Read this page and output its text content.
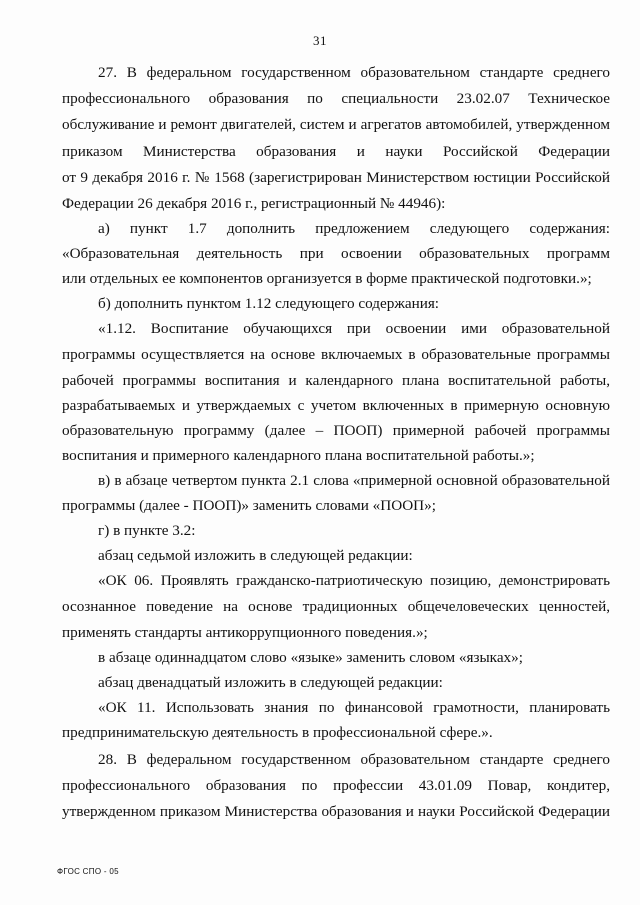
31
27. В федеральном государственном образовательном стандарте среднего
профессионального образования по специальности 23.02.07 Техническое
обслуживание и ремонт двигателей, систем и агрегатов автомобилей, утвержденном
приказом Министерства образования и науки Российской Федерации
от 9 декабря 2016 г. № 1568 (зарегистрирован Министерством юстиции Российской
Федерации 26 декабря 2016 г., регистрационный № 44946):
а) пункт 1.7 дополнить предложением следующего содержания:
«Образовательная деятельность при освоении образовательных программ
или отдельных ее компонентов организуется в форме практической подготовки.»;
б) дополнить пунктом 1.12 следующего содержания:
«1.12. Воспитание обучающихся при освоении ими образовательной
программы осуществляется на основе включаемых в образовательные программы
рабочей программы воспитания и календарного плана воспитательной работы,
разрабатываемых и утверждаемых с учетом включенных в примерную основную
образовательную программу (далее – ПООП) примерной рабочей программы
воспитания и примерного календарного плана воспитательной работы.»;
в) в абзаце четвертом пункта 2.1 слова «примерной основной образовательной
программы (далее - ПООП)» заменить словами «ПООП»;
г) в пункте 3.2:
абзац седьмой изложить в следующей редакции:
«ОК 06. Проявлять гражданско-патриотическую позицию, демонстрировать
осознанное поведение на основе традиционных общечеловеческих ценностей,
применять стандарты антикоррупционного поведения.»;
в абзаце одиннадцатом слово «языке» заменить словом «языках»;
абзац двенадцатый изложить в следующей редакции:
«ОК 11. Использовать знания по финансовой грамотности, планировать
предпринимательскую деятельность в профессиональной сфере.».
28. В федеральном государственном образовательном стандарте среднего
профессионального образования по профессии 43.01.09 Повар, кондитер,
утвержденном приказом Министерства образования и науки Российской Федерации
ФГОС СПО - 05
